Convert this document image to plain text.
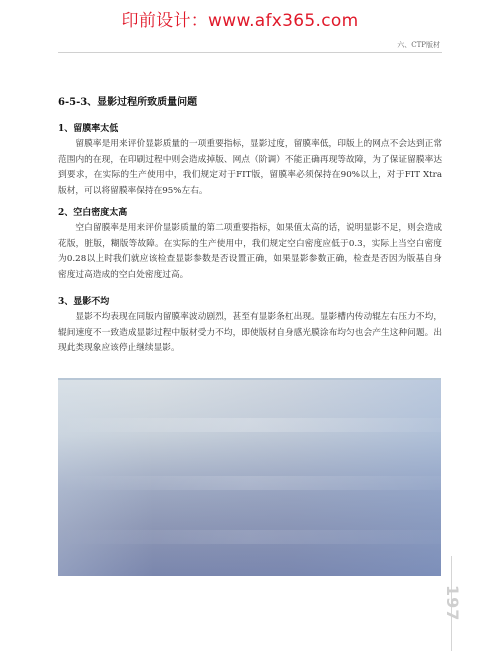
印前设计：www.afx365.com
六、CTP版材
6-5-3、显影过程所致质量问题

1、留膜率太低

留膜率是用来评价显影质量的一项重要指标，显影过度，留膜率低，印版上的网点不会达到正常范围内的在现，在印刷过程中则会造成掉版、网点（阶调）不能正确再现等故障，为了保证留膜率达到要求，在实际的生产使用中，我们规定对于FIT版，留膜率必须保持在90%以上，对于FIT Xtra版材，可以将留膜率保持在95%左右。

2、空白密度太高

空白留膜率是用来评价显影质量的第二项重要指标，如果值太高的话，说明显影不足，则会造成花版，脏版，糊版等故障。在实际的生产使用中，我们规定空白密度应低于0.3，实际上当空白密度为0.28以上时我们就应该检查显影参数是否设置正确，如果显影参数正确，检查是否因为版基自身密度过高造成的空白处密度过高。

3、显影不均

显影不均表现在同版内留膜率波动剧烈，甚至有显影条杠出现。显影槽内传动辊左右压力不均，辊间速度不一致造成显影过程中版材受力不均，即使版材自身感光膜涂布均匀也会产生这种问题。出现此类现象应该停止继续显影。

197
